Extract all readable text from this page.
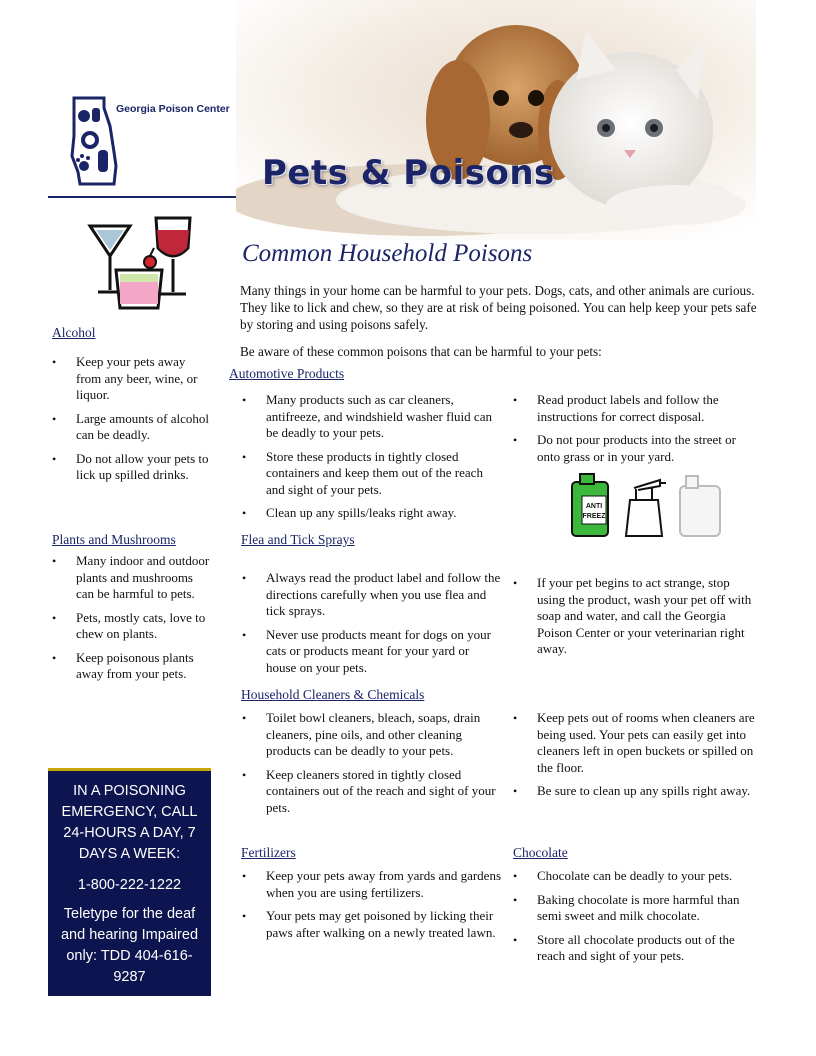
Georgia Poison Center
Pets & Poisons
Alcohol
• Keep your pets away from any beer, wine, or liquor.
• Large amounts of alcohol can be deadly.
• Do not allow your pets to lick up spilled drinks.
Plants and Mushrooms
• Many indoor and outdoor plants and mushrooms can be harmful to pets.
• Pets, mostly cats, love to chew on plants.
• Keep poisonous plants away from your pets.
IN A POISONING EMERGENCY, CALL 24-HOURS A DAY, 7 DAYS A WEEK:
1-800-222-1222
Teletype for the deaf and hearing Impaired only: TDD 404-616-9287
Common Household Poisons

Many things in your home can be harmful to your pets. Dogs, cats, and other animals are curious. They like to lick and chew, so they are at risk of being poisoned. You can help keep your pets safe by storing and using poisons safely.

Be aware of these common poisons that can be harmful to your pets:

Automotive Products
• Many products such as car cleaners, antifreeze, and windshield washer fluid can be deadly to your pets.
• Store these products in tightly closed containers and keep them out of the reach and sight of your pets.
• Clean up any spills/leaks right away.
• Read product labels and follow the instructions for correct disposal.
• Do not pour products into the street or onto grass or in your yard.
ANTI
FREEZ
Flea and Tick Sprays
• Always read the product label and follow the directions carefully when you use flea and tick sprays.
• Never use products meant for dogs on your cats or products meant for your yard or house on your pets.
• If your pet begins to act strange, stop using the product, wash your pet off with soap and water, and call the Georgia Poison Center or your veterinarian right away.
Household Cleaners & Chemicals
• Toilet bowl cleaners, bleach, soaps, drain cleaners, pine oils, and other cleaning products can be deadly to your pets.
• Keep cleaners stored in tightly closed containers out of the reach and sight of your pets.
• Keep pets out of rooms when cleaners are being used. Your pets can easily get into cleaners left in open buckets or spilled on the floor.
• Be sure to clean up any spills right away.
Fertilizers
• Keep your pets away from yards and gardens when you are using fertilizers.
• Your pets may get poisoned by licking their paws after walking on a newly treated lawn.
Chocolate
• Chocolate can be deadly to your pets.
• Baking chocolate is more harmful than semi sweet and milk chocolate.
• Store all chocolate products out of the reach and sight of your pets.
